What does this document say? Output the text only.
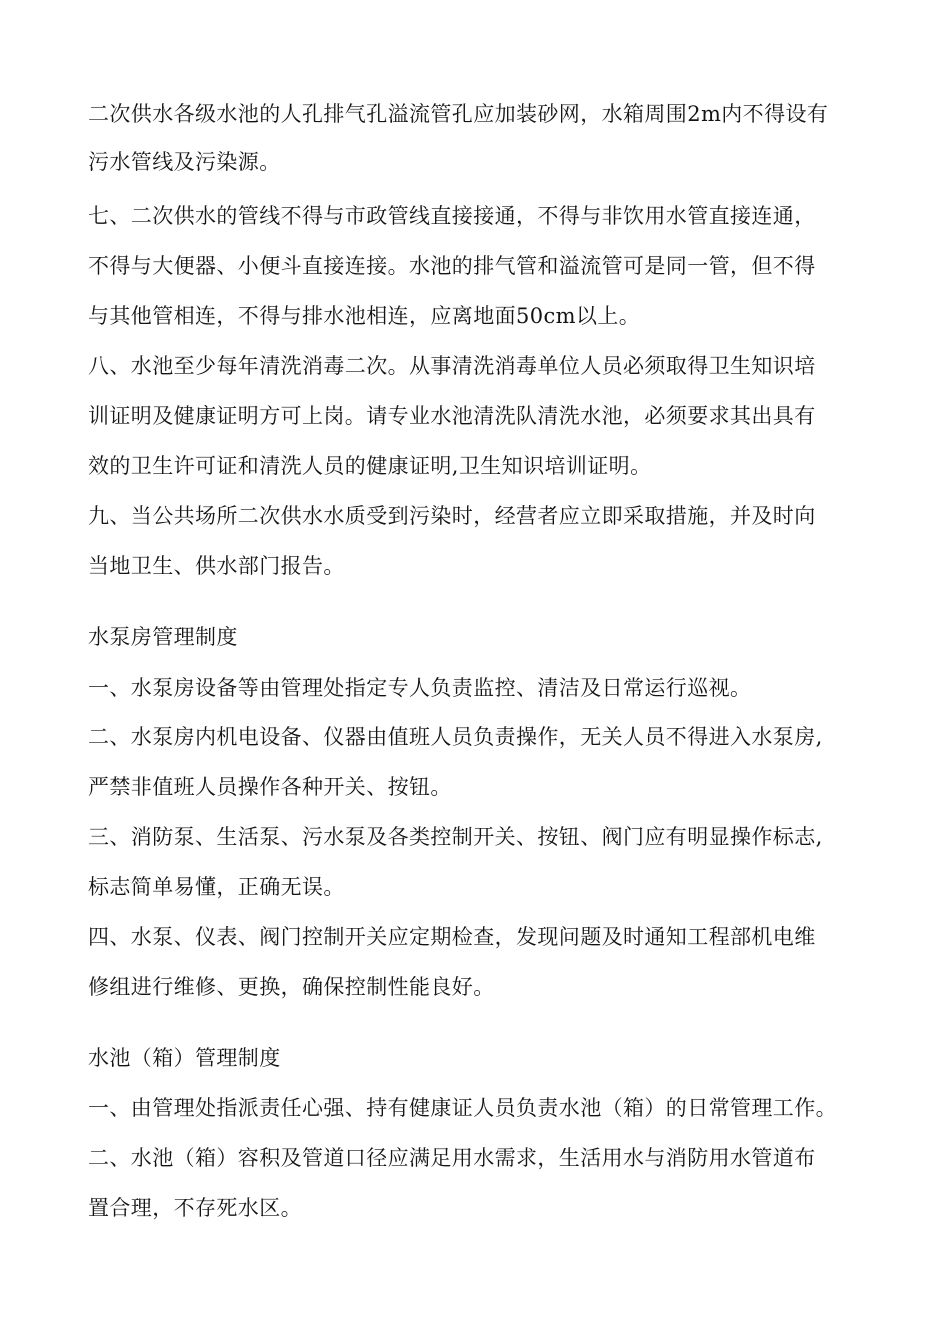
二次供水各级水池的人孔排气孔溢流管孔应加装砂网，水箱周围2m内不得设有
污水管线及污染源。
七、二次供水的管线不得与市政管线直接接通，不得与非饮用水管直接连通，
不得与大便器、小便斗直接连接。水池的排气管和溢流管可是同一管，但不得
与其他管相连，不得与排水池相连，应离地面50cm以上。
八、水池至少每年清洗消毒二次。从事清洗消毒单位人员必须取得卫生知识培
训证明及健康证明方可上岗。请专业水池清洗队清洗水池，必须要求其出具有
效的卫生许可证和清洗人员的健康证明,卫生知识培训证明。
九、当公共场所二次供水水质受到污染时，经营者应立即采取措施，并及时向
当地卫生、供水部门报告。
水泵房管理制度
一、水泵房设备等由管理处指定专人负责监控、清洁及日常运行巡视。
二、水泵房内机电设备、仪器由值班人员负责操作，无关人员不得进入水泵房,
严禁非值班人员操作各种开关、按钮。
三、消防泵、生活泵、污水泵及各类控制开关、按钮、阀门应有明显操作标志,
标志简单易懂，正确无误。
四、水泵、仪表、阀门控制开关应定期检查，发现问题及时通知工程部机电维
修组进行维修、更换，确保控制性能良好。
水池（箱）管理制度
一、由管理处指派责任心强、持有健康证人员负责水池（箱）的日常管理工作。
二、水池（箱）容积及管道口径应满足用水需求，生活用水与消防用水管道布
置合理，不存死水区。
